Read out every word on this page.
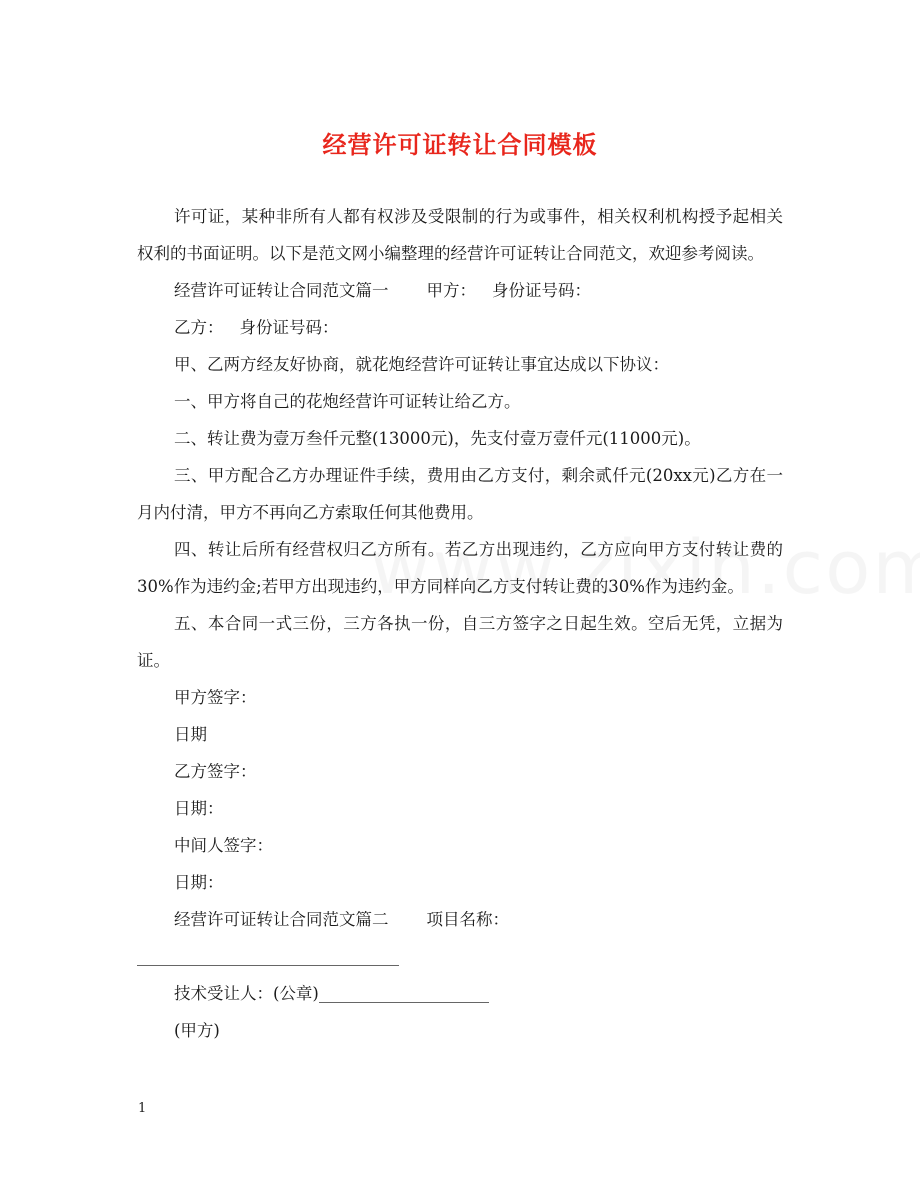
经营许可证转让合同模板

许可证，某种非所有人都有权涉及受限制的行为或事件，相关权利机构授予起相关权利的书面证明。以下是范文网小编整理的经营许可证转让合同范文，欢迎参考阅读。

经营许可证转让合同范文篇一 甲方： 身份证号码：

乙方： 身份证号码：

甲、乙两方经友好协商，就花炮经营许可证转让事宜达成以下协议：

一、甲方将自己的花炮经营许可证转让给乙方。

二、转让费为壹万叁仟元整(13000元)，先支付壹万壹仟元(11000元)。

三、甲方配合乙方办理证件手续，费用由乙方支付，剩余贰仟元(20xx元)乙方在一月内付清，甲方不再向乙方索取任何其他费用。

四、转让后所有经营权归乙方所有。若乙方出现违约，乙方应向甲方支付转让费的30%作为违约金;若甲方出现违约，甲方同样向乙方支付转让费的30%作为违约金。

五、本合同一式三份，三方各执一份，自三方签字之日起生效。空后无凭，立据为证。

甲方签字：

日期

乙方签字：

日期：

中间人签字：

日期：

经营许可证转让合同范文篇二 项目名称：

技术受让人：(公章)

(甲方)

1
